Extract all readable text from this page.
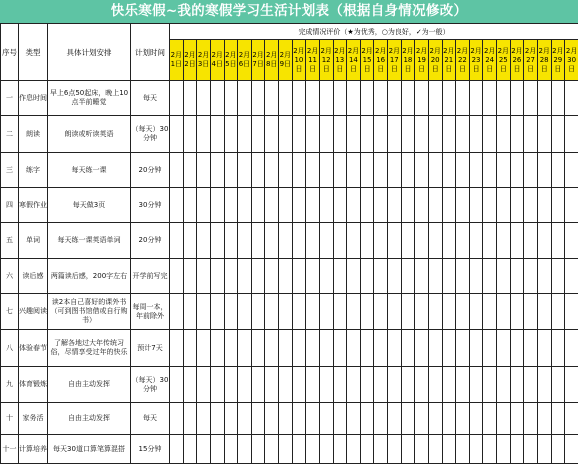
快乐寒假~我的寒假学习生活计划表（根据自身情况修改）
序号	类型	具体计划安排	计划时间	完成情况评价（★为优秀，○为良好，✓为一般）																													
				2月1日	2月2日	2月3日	2月4日	2月5日	2月6日	2月7日	2月8日	2月9日	2月10日	2月11日	2月12日	2月13日	2月14日	2月15日	2月16日	2月17日	2月18日	2月19日	2月20日	2月21日	2月22日	2月23日	2月24日	2月25日	2月26日	2月27日	2月28日	2月29日	2月30日
一	作息时间	早上6点50起床，晚上10点半前睡觉	每天																														
二	朗读	朗读或听读英语	（每天）30分钟																														
三	练字	每天练一课	20分钟																														
四	寒假作业	每天做3页	30分钟																														
五	单词	每天练一课英语单词	20分钟																														
六	读后感	两篇读后感，200字左右	开学前写完																														
七	兴趣阅读	读2本自己喜好的课外书（可到图书馆借或自行购书）	每周一本，年前除外																														
八	体验春节	了解各地过大年传统习俗，尽情享受过年的快乐	预计7天																														
九	体育锻炼	自由主动发挥	（每天）30分钟																														
十	家务活	自由主动发挥	每天																														
十一	计算培养	每天30道口算笔算混搭	15分钟																														
